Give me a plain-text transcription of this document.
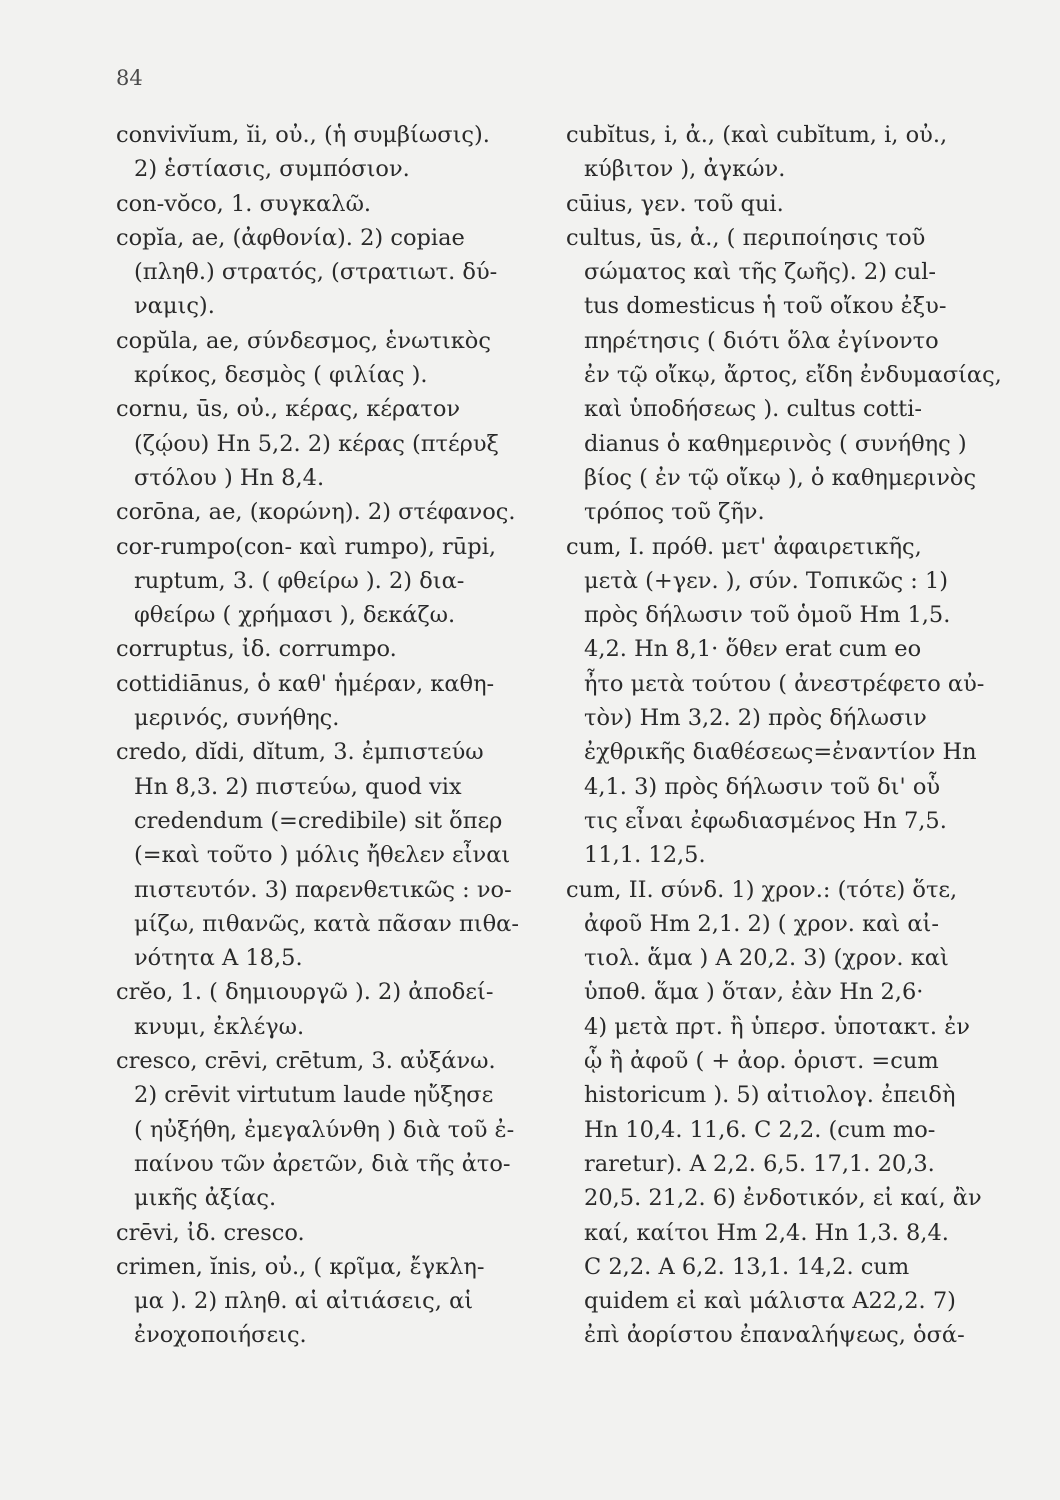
84
convivĭum, ĭi, οὐ., (ἡ συμβίωσις).
2) ἑστίασις, συμπόσιον.
con-vŏco, 1. συγκαλῶ.
copĭa, ae, (ἀφθονία). 2) copiae
(πληθ.) στρατός, (στρατιωτ. δύ-
ναμις).
copŭla, ae, σύνδεσμος, ἑνωτικὸς
κρίκος, δεσμὸς ( φιλίας ).
cornu, ūs, οὐ., κέρας, κέρατον
(ζῴου) Hn 5,2. 2) κέρας (πτέρυξ
στόλου ) Hn 8,4.
corōna, ae, (κορώνη). 2) στέφανος.
cor-rumpo(con- καὶ rumpo), rūpi,
ruptum, 3. ( φθείρω ). 2) δια-
φθείρω ( χρήμασι ), δεκάζω.
corruptus, ἰδ. corrumpo.
cottidiānus, ὁ καθ' ἡμέραν, καθη-
μερινός, συνήθης.
credo, dĭdi, dĭtum, 3. ἐμπιστεύω
Hn 8,3. 2) πιστεύω, quod vix
credendum (=credibile) sit ὅπερ
(=καὶ τοῦτο ) μόλις ἤθελεν εἶναι
πιστευτόν. 3) παρενθετικῶς : νο-
μίζω, πιθανῶς, κατὰ πᾶσαν πιθα-
νότητα A 18,5.
crĕo, 1. ( δημιουργῶ ). 2) ἀποδεί-
κνυμι, ἐκλέγω.
cresco, crēvi, crētum, 3. αὐξάνω.
2) crēvit virtutum laude ηὔξησε
( ηὐξήθη, ἐμεγαλύνθη ) διὰ τοῦ ἐ-
παίνου τῶν ἀρετῶν, διὰ τῆς ἀτο-
μικῆς ἀξίας.
crēvi, ἰδ. cresco.
crimen, ĭnis, οὐ., ( κρῖμα, ἔγκλη-
μα ). 2) πληθ. αἱ αἰτιάσεις, αἱ
ἐνοχοποιήσεις.
cubĭtus, i, ἀ., (καὶ cubĭtum, i, οὐ.,
κύβιτον ), ἀγκών.
cūius, γεν. τοῦ qui.
cultus, ūs, ἀ., ( περιποίησις τοῦ
σώματος καὶ τῆς ζωῆς). 2) cul-
tus domesticus ἡ τοῦ οἴκου ἐξυ-
πηρέτησις ( διότι ὅλα ἐγίνοντο
ἐν τῷ οἴκῳ, ἄρτος, εἴδη ἐνδυμασίας,
καὶ ὑποδήσεως ). cultus cotti-
dianus ὁ καθημερινὸς ( συνήθης )
βίος ( ἐν τῷ οἴκῳ ), ὁ καθημερινὸς
τρόπος τοῦ ζῆν.
cum, I. πρόθ. μετ' ἀφαιρετικῆς,
μετὰ (+γεν. ), σύν. Τοπικῶς : 1)
πρὸς δήλωσιν τοῦ ὁμοῦ Hm 1,5.
4,2. Hn 8,1· ὅθεν erat cum eo
ἦτο μετὰ τούτου ( ἀνεστρέφετο αὐ-
τὸν) Hm 3,2. 2) πρὸς δήλωσιν
ἐχθρικῆς διαθέσεως=ἐναντίον Hn
4,1. 3) πρὸς δήλωσιν τοῦ δι' οὗ
τις εἶναι ἐφωδιασμένος Hn 7,5.
11,1. 12,5.
cum, II. σύνδ. 1) χρον.: (τότε) ὅτε,
ἀφοῦ Hm 2,1. 2) ( χρον. καὶ αἰ-
τιολ. ἅμα ) A 20,2. 3) (χρον. καὶ
ὑποθ. ἅμα ) ὅταν, ἐὰν Hn 2,6·
4) μετὰ πρτ. ἢ ὑπερσ. ὑποτακτ. ἐν
ᾧ ἢ ἀφοῦ ( + ἀορ. ὁριστ. =cum
historicum ). 5) αἰτιολογ. ἐπειδὴ
Hn 10,4. 11,6. C 2,2. (cum mo-
raretur). A 2,2. 6,5. 17,1. 20,3.
20,5. 21,2. 6) ἐνδοτικόν, εἰ καί, ἂν
καί, καίτοι Hm 2,4. Hn 1,3. 8,4.
C 2,2. A 6,2. 13,1. 14,2. cum
quidem εἰ καὶ μάλιστα A22,2. 7)
ἐπὶ ἀορίστου ἐπαναλήψεως, ὁσά-
